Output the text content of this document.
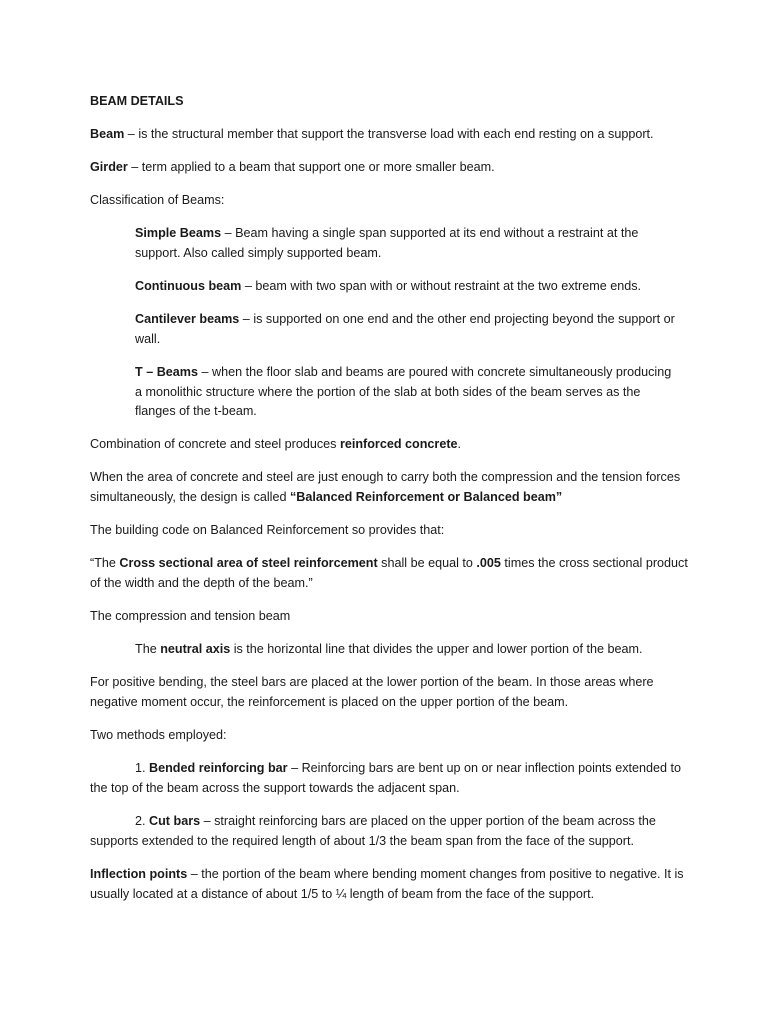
BEAM DETAILS

Beam – is the structural member that support the transverse load with each end resting on a support.

Girder – term applied to a beam that support one or more smaller beam.

Classification of Beams:

Simple Beams – Beam having a single span supported at its end without a restraint at the support. Also called simply supported beam.

Continuous beam – beam with two span with or without restraint at the two extreme ends.

Cantilever beams – is supported on one end and the other end projecting beyond the support or wall.

T – Beams – when the floor slab and beams are poured with concrete simultaneously producing a monolithic structure where the portion of the slab at both sides of the beam serves as the flanges of the t-beam.

Combination of concrete and steel produces reinforced concrete.

When the area of concrete and steel are just enough to carry both the compression and the tension forces simultaneously, the design is called “Balanced Reinforcement or Balanced beam”

The building code on Balanced Reinforcement so provides that:

“The Cross sectional area of steel reinforcement shall be equal to .005 times the cross sectional product of the width and the depth of the beam.”

The compression and tension beam

The neutral axis is the horizontal line that divides the upper and lower portion of the beam.

For positive bending, the steel bars are placed at the lower portion of the beam. In those areas where negative moment occur, the reinforcement is placed on the upper portion of the beam.

Two methods employed:

1. Bended reinforcing bar – Reinforcing bars are bent up on or near inflection points extended to the top of the beam across the support towards the adjacent span.

2. Cut bars – straight reinforcing bars are placed on the upper portion of the beam across the supports extended to the required length of about 1/3 the beam span from the face of the support.

Inflection points – the portion of the beam where bending moment changes from positive to negative. It is usually located at a distance of about 1/5 to ¼ length of beam from the face of the support.
